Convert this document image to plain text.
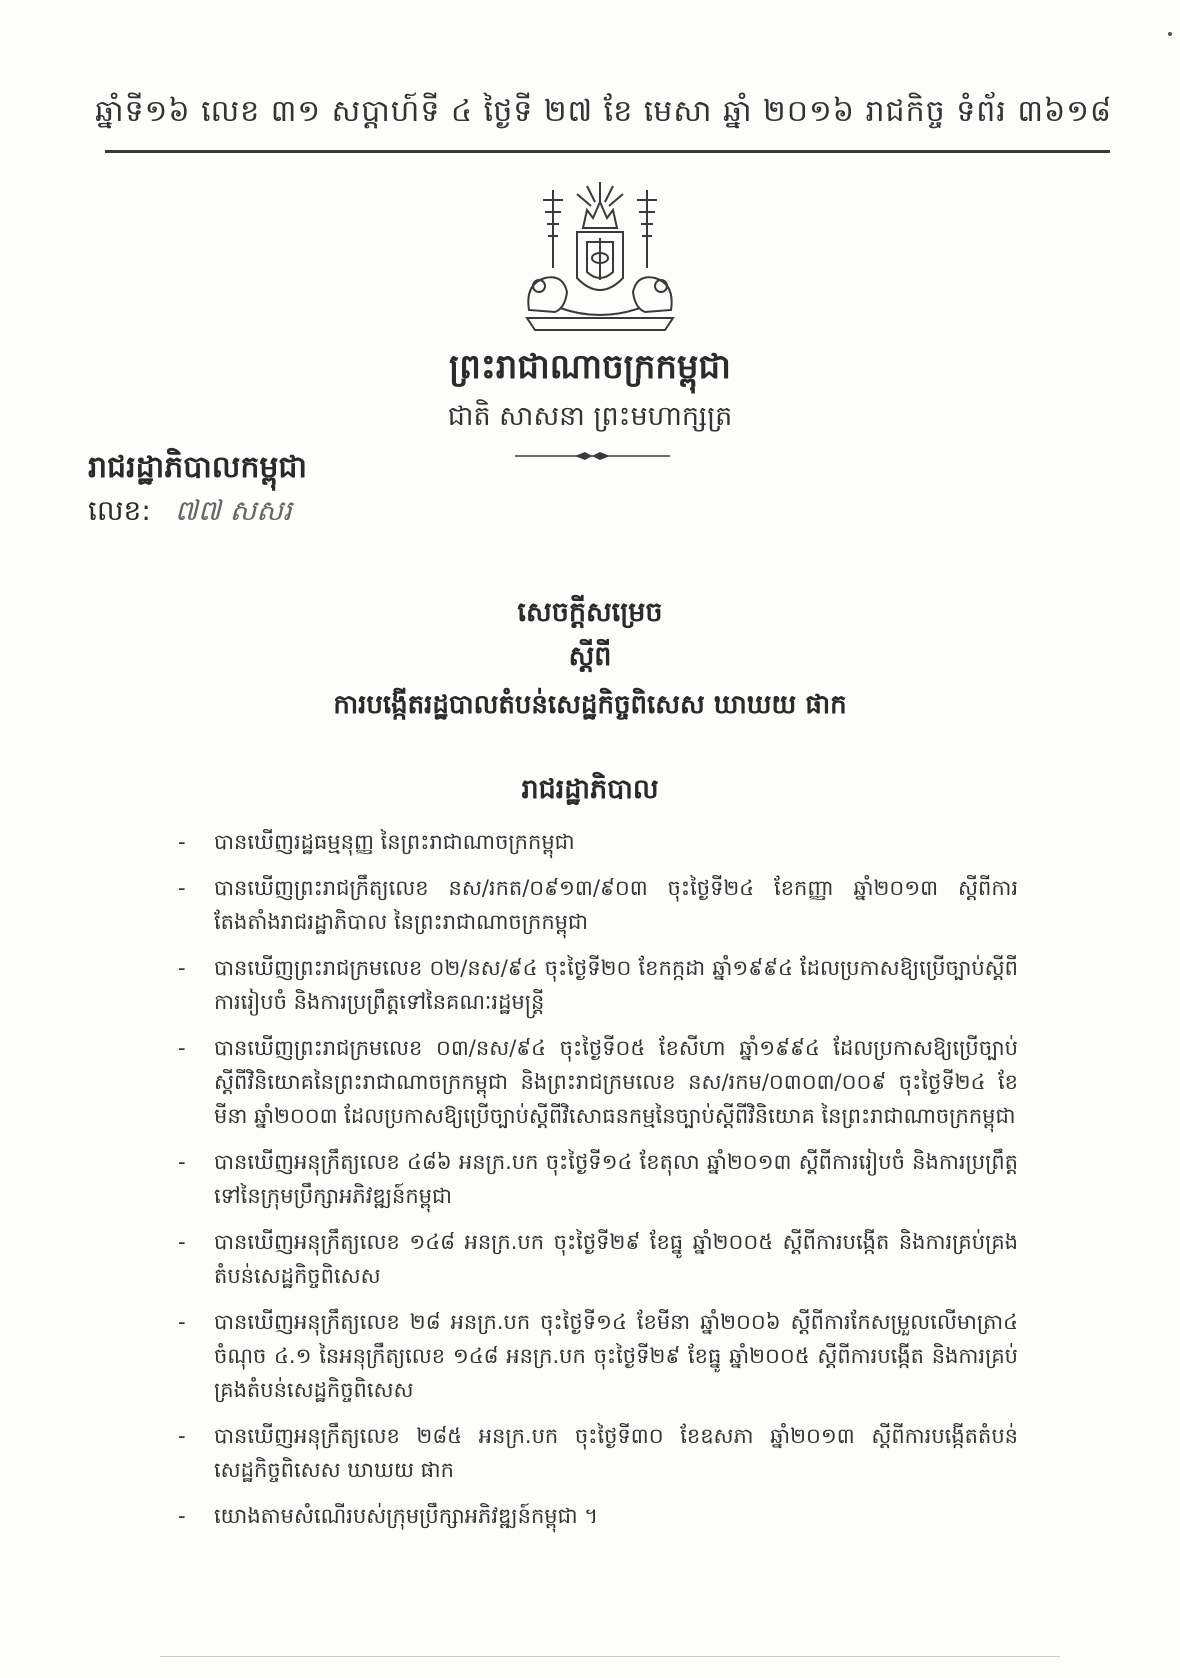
ឆ្នាំទី១៦ លេខ ៣១ សប្តាហ៍ទី ៤ ថ្ងៃទី ២៧ ខែ មេសា ឆ្នាំ ២០១៦ រាជកិច្ច ទំព័រ ៣៦១៨
ព្រះរាជាណាចក្រកម្ពុជា
ជាតិ សាសនា ព្រះមហាក្សត្រ
រាជរដ្ឋាភិបាលកម្ពុជា
លេខ: ៧៧ សសរ
សេចក្តីសម្រេច
ស្តីពី
ការបង្កើតរដ្ឋបាលតំបន់សេដ្ឋកិច្ចពិសេស ឃាឃយ ផាក
រាជរដ្ឋាភិបាល
- បានឃើញរដ្ឋធម្មនុញ្ញ នៃព្រះរាជាណាចក្រកម្ពុជា
- បានឃើញព្រះរាជក្រឹត្យលេខ នស/រកត/០៩១៣/៩០៣ ចុះថ្ងៃទី២៤ ខែកញ្ញា ឆ្នាំ២០១៣ ស្តីពីការតែងតាំងរាជរដ្ឋាភិបាល នៃព្រះរាជាណាចក្រកម្ពុជា
- បានឃើញព្រះរាជក្រមលេខ ០២/នស/៩៤ ចុះថ្ងៃទី២០ ខែកក្កដា ឆ្នាំ១៩៩៤ ដែលប្រកាសឱ្យប្រើច្បាប់ស្តីពីការរៀបចំ និងការប្រព្រឹត្តទៅនៃគណៈរដ្ឋមន្ត្រី
- បានឃើញព្រះរាជក្រមលេខ ០៣/នស/៩៤ ចុះថ្ងៃទី០៥ ខែសីហា ឆ្នាំ១៩៩៤ ដែលប្រកាសឱ្យប្រើច្បាប់ស្តីពីវិនិយោគនៃព្រះរាជាណាចក្រកម្ពុជា និងព្រះរាជក្រមលេខ នស/រកម/០៣០៣/០០៩ ចុះថ្ងៃទី២៤ ខែមីនា ឆ្នាំ២០០៣ ដែលប្រកាសឱ្យប្រើច្បាប់ស្តីពីវិសោធនកម្មនៃច្បាប់ស្តីពីវិនិយោគ នៃព្រះរាជាណាចក្រកម្ពុជា
- បានឃើញអនុក្រឹត្យលេខ ៤៨៦ អនក្រ.បក ចុះថ្ងៃទី១៤ ខែតុលា ឆ្នាំ២០១៣ ស្តីពីការរៀបចំ និងការប្រព្រឹត្តទៅនៃក្រុមប្រឹក្សាអភិវឌ្ឍន៍កម្ពុជា
- បានឃើញអនុក្រឹត្យលេខ ១៤៨ អនក្រ.បក ចុះថ្ងៃទី២៩ ខែធ្នូ ឆ្នាំ២០០៥ ស្តីពីការបង្កើត និងការគ្រប់គ្រងតំបន់សេដ្ឋកិច្ចពិសេស
- បានឃើញអនុក្រឹត្យលេខ ២៨ អនក្រ.បក ចុះថ្ងៃទី១៤ ខែមីនា ឆ្នាំ២០០៦ ស្តីពីការកែសម្រួលលើមាត្រា៤ ចំណុច ៤.១ នៃអនុក្រឹត្យលេខ ១៤៨ អនក្រ.បក ចុះថ្ងៃទី២៩ ខែធ្នូ ឆ្នាំ២០០៥ ស្តីពីការបង្កើត និងការគ្រប់គ្រងតំបន់សេដ្ឋកិច្ចពិសេស
- បានឃើញអនុក្រឹត្យលេខ ២៨៥ អនក្រ.បក ចុះថ្ងៃទី៣០ ខែឧសភា ឆ្នាំ២០១៣ ស្តីពីការបង្កើតតំបន់សេដ្ឋកិច្ចពិសេស ឃាឃយ ផាក
- យោងតាមសំណើរបស់ក្រុមប្រឹក្សាអភិវឌ្ឍន៍កម្ពុជា ។
